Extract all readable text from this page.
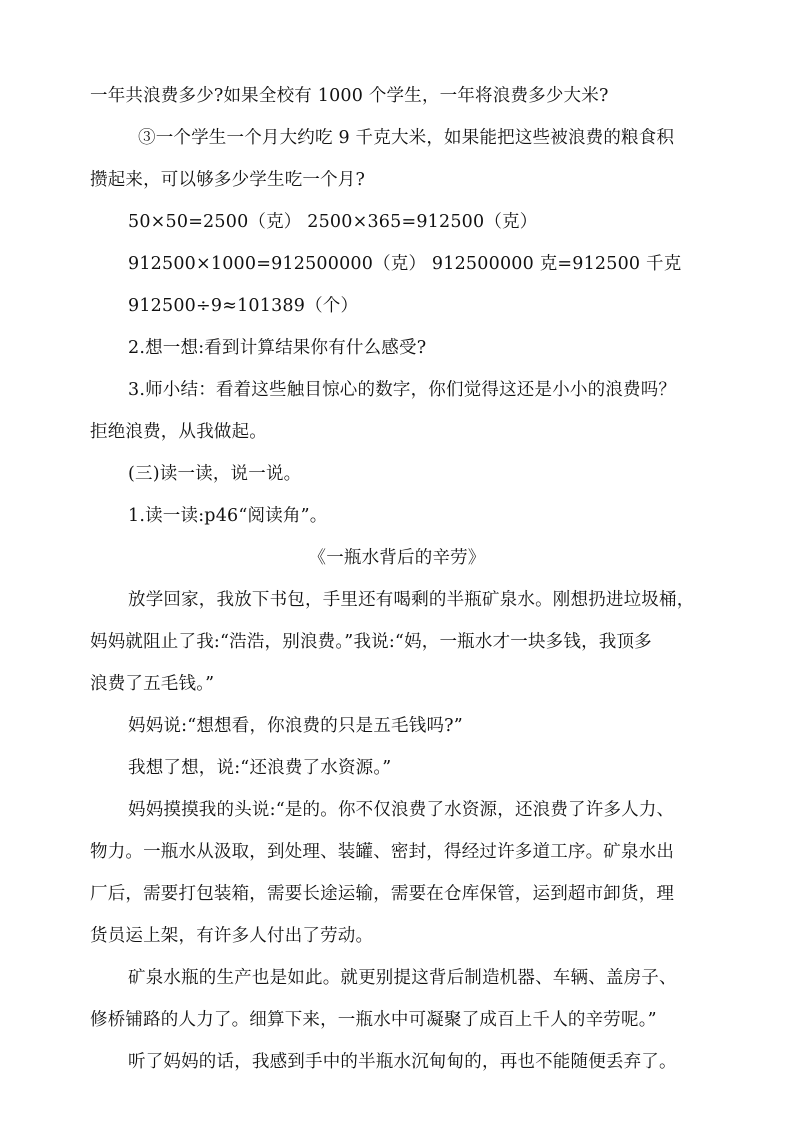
一年共浪费多少?如果全校有 1000 个学生，一年将浪费多少大米?
③一个学生一个月大约吃 9 千克大米，如果能把这些被浪费的粮食积
攒起来，可以够多少学生吃一个月?
50×50=2500（克） 2500×365=912500（克）
912500×1000=912500000（克） 912500000 克=912500 千克
912500÷9≈101389（个）
2.想一想:看到计算结果你有什么感受?
3.师小结：看着这些触目惊心的数字，你们觉得这还是小小的浪费吗？
拒绝浪费，从我做起。
(三)读一读，说一说。
1.读一读:p46“阅读角”。
《一瓶水背后的辛劳》
放学回家，我放下书包，手里还有喝剩的半瓶矿泉水。刚想扔进垃圾桶，
妈妈就阻止了我:“浩浩，别浪费。”我说:“妈，一瓶水才一块多钱，我顶多
浪费了五毛钱。”
妈妈说:“想想看，你浪费的只是五毛钱吗?”
我想了想，说:“还浪费了水资源。”
妈妈摸摸我的头说:“是的。你不仅浪费了水资源，还浪费了许多人力、
物力。一瓶水从汲取，到处理、装罐、密封，得经过许多道工序。矿泉水出
厂后，需要打包装箱，需要长途运输，需要在仓库保管，运到超市卸货，理
货员运上架，有许多人付出了劳动。
矿泉水瓶的生产也是如此。就更别提这背后制造机器、车辆、盖房子、
修桥铺路的人力了。细算下来，一瓶水中可凝聚了成百上千人的辛劳呢。”
听了妈妈的话，我感到手中的半瓶水沉甸甸的，再也不能随便丢弃了。
